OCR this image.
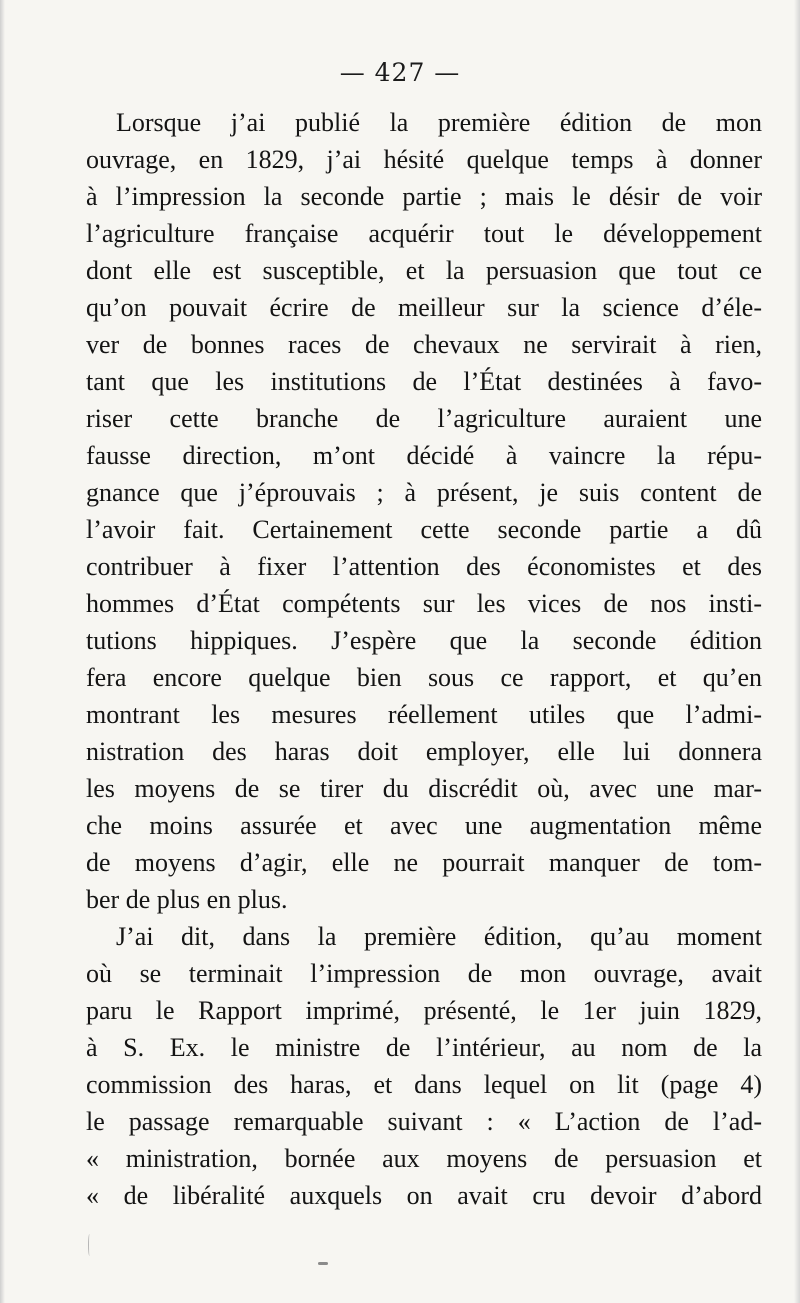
— 427 —
Lorsque j’ai publié la première édition de mon
ouvrage, en 1829, j’ai hésité quelque temps à donner
à l’impression la seconde partie ; mais le désir de voir
l’agriculture française acquérir tout le développement
dont elle est susceptible, et la persuasion que tout ce
qu’on pouvait écrire de meilleur sur la science d’éle-
ver de bonnes races de chevaux ne servirait à rien,
tant que les institutions de l’État destinées à favo-
riser cette branche de l’agriculture auraient une
fausse direction, m’ont décidé à vaincre la répu-
gnance que j’éprouvais ; à présent, je suis content de
l’avoir fait. Certainement cette seconde partie a dû
contribuer à fixer l’attention des économistes et des
hommes d’État compétents sur les vices de nos insti-
tutions hippiques. J’espère que la seconde édition
fera encore quelque bien sous ce rapport, et qu’en
montrant les mesures réellement utiles que l’admi-
nistration des haras doit employer, elle lui donnera
les moyens de se tirer du discrédit où, avec une mar-
che moins assurée et avec une augmentation même
de moyens d’agir, elle ne pourrait manquer de tom-
ber de plus en plus.
J’ai dit, dans la première édition, qu’au moment
où se terminait l’impression de mon ouvrage, avait
paru le Rapport imprimé, présenté, le 1er juin 1829,
à S. Ex. le ministre de l’intérieur, au nom de la
commission des haras, et dans lequel on lit (page 4)
le passage remarquable suivant : « L’action de l’ad-
« ministration, bornée aux moyens de persuasion et
« de libéralité auxquels on avait cru devoir d’abord
